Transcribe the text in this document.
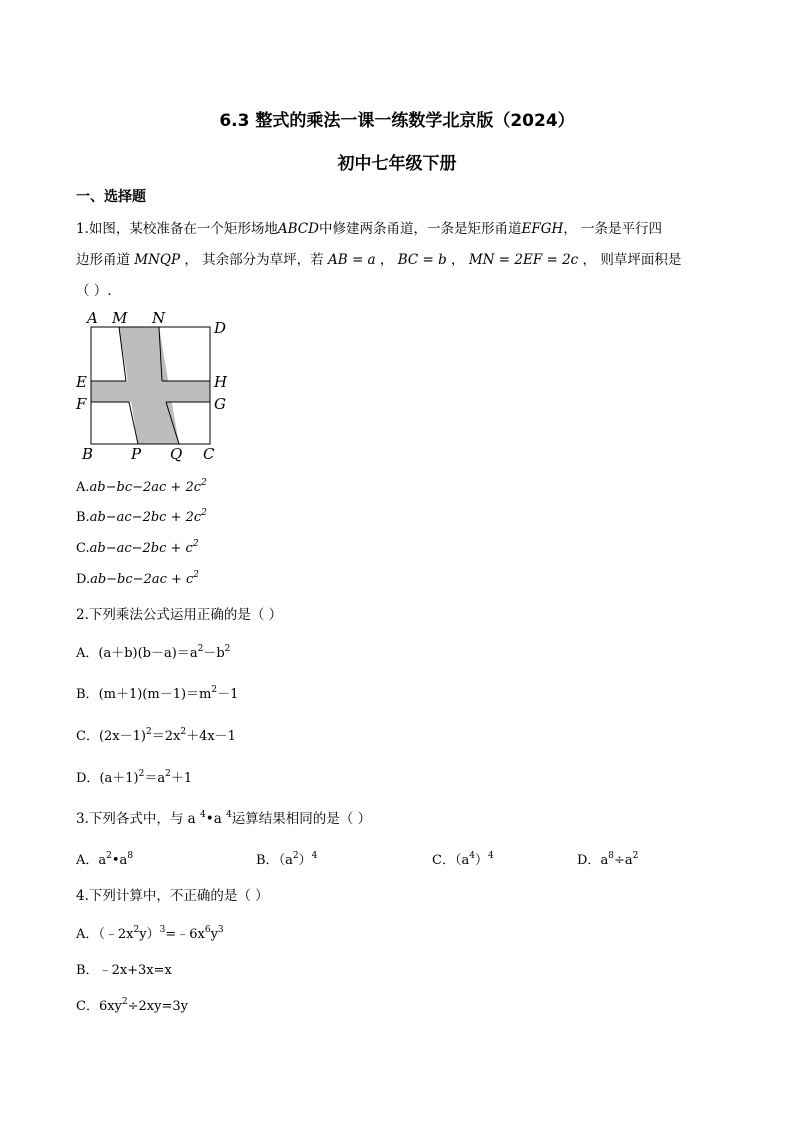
6.3 整式的乘法一课一练数学北京版（2024）
初中七年级下册
一、选择题
1.如图，某校准备在一个矩形场地ABCD中修建两条甬道，一条是矩形甬道EFGH， 一条是平行四
边形甬道 MNQP ， 其余部分为草坪，若 AB = a ， BC = b ， MN = 2EF = 2c ， 则草坪面积是
（ ）.
A M N
D
E	H
F	G
B	P Q C
$A.ab-bc-2ac + 2c^2$
$B.ab-ac-2bc + 2c^2$
$C.ab-ac-2bc + c^2$
$D.ab-bc-2ac + c^2$
2.下列乘法公式运用正确的是（ ）
A．$(a+b)(b-a)=a^2-b^2$
B．$(m+1)(m-1)=m^2-1$
C．$(2x-1)^2=2x^2+4x-1$
D．$(a+1)^2=a^2+1$
3.下列各式中，与 a $^4$•a $^4$运算结果相同的是（ ）
A．$a^2•a^8$	B．$(a^2)^4$	C．$(a^4)^4$	D．$a^8\div a^2$
4.下列计算中，不正确的是（ ）
A．$(﹣2x^2y)^3=﹣6x^6y^3$
B．﹣2x+3x=x
C．$6xy^2\div 2xy=3y$
